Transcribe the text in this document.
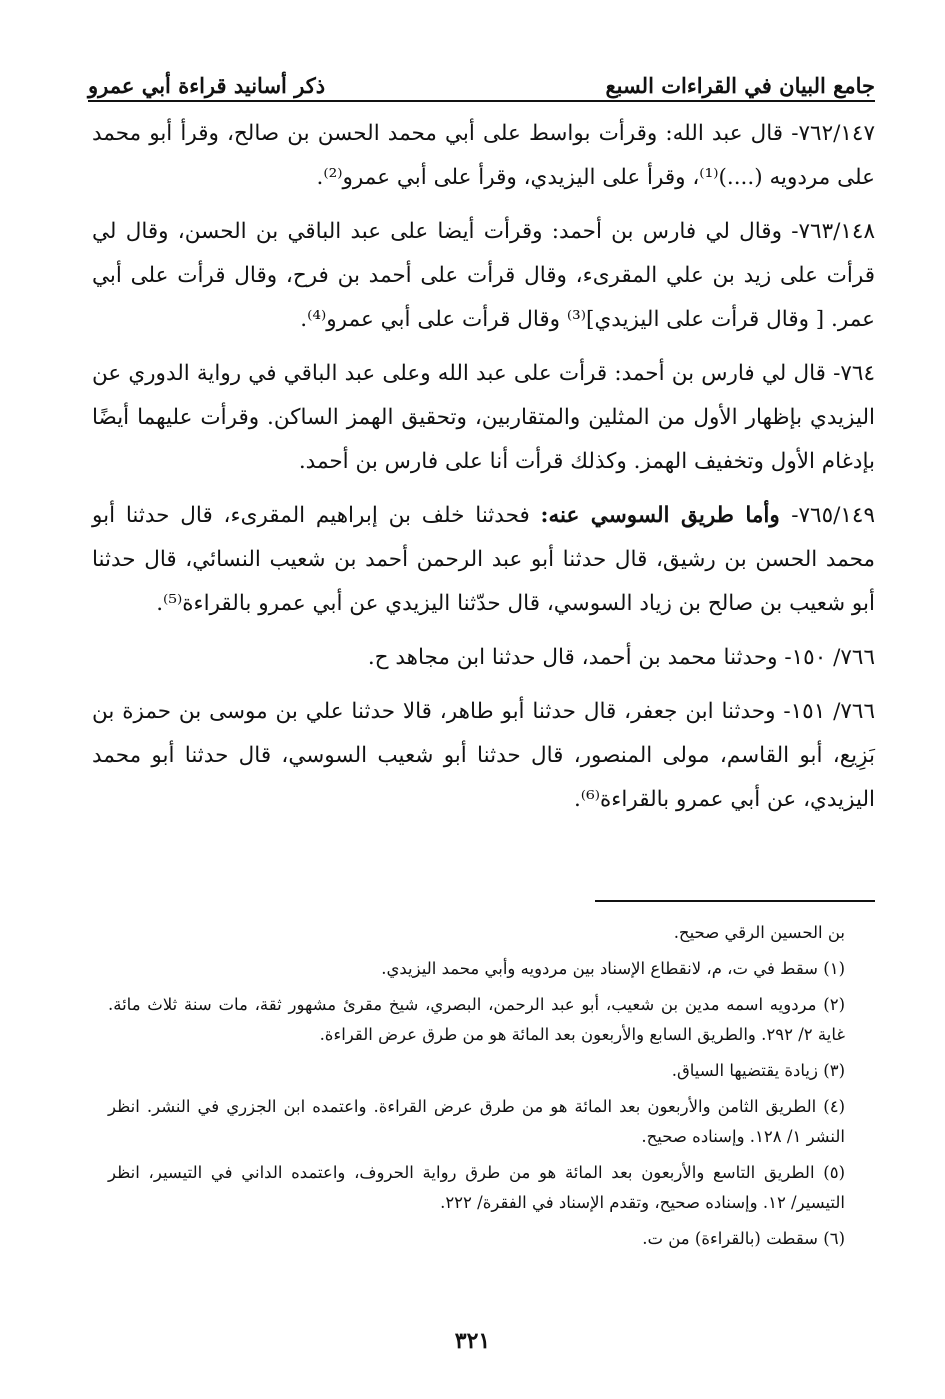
جامع البيان في القراءات السبع
ذكر أسانيد قراءة أبي عمرو

٧٦٢/١٤٧- قال عبد الله: وقرأت بواسط على أبي محمد الحسن بن صالح، وقرأ أبو محمد على مردويه (....)⁽¹⁾، وقرأ على اليزيدي، وقرأ على أبي عمرو⁽²⁾.

٧٦٣/١٤٨- وقال لي فارس بن أحمد: وقرأت أيضا على عبد الباقي بن الحسن، وقال لي قرأت على زيد بن علي المقرىء، وقال قرأت على أحمد بن فرح، وقال قرأت على أبي عمر. [ وقال قرأت على اليزيدي]⁽³⁾ وقال قرأت على أبي عمرو⁽⁴⁾.

٧٦٤- قال لي فارس بن أحمد: قرأت على عبد الله وعلى عبد الباقي في رواية الدوري عن اليزيدي بإظهار الأول من المثلين والمتقاربين، وتحقيق الهمز الساكن. وقرأت عليهما أيضًا بإدغام الأول وتخفيف الهمز. وكذلك قرأت أنا على فارس بن أحمد.

٧٦٥/١٤٩- وأما طريق السوسي عنه: فحدثنا خلف بن إبراهيم المقرىء، قال حدثنا أبو محمد الحسن بن رشيق، قال حدثنا أبو عبد الرحمن أحمد بن شعيب النسائي، قال حدثنا أبو شعيب بن صالح بن زياد السوسي، قال حدّثنا اليزيدي عن أبي عمرو بالقراءة⁽⁵⁾.

٧٦٦/ ١٥٠- وحدثنا محمد بن أحمد، قال حدثنا ابن مجاهد ح.

٧٦٦/ ١٥١- وحدثنا ابن جعفر، قال حدثنا أبو طاهر، قالا حدثنا علي بن موسى بن حمزة بن بَزِيع، أبو القاسم، مولى المنصور، قال حدثنا أبو شعيب السوسي، قال حدثنا أبو محمد اليزيدي، عن أبي عمرو بالقراءة⁽⁶⁾.

بن الحسين الرقي صحيح.

(١) سقط في ت، م، لانقطاع الإسناد بين مردويه وأبي محمد اليزيدي.

(٢) مردويه اسمه مدين بن شعيب، أبو عبد الرحمن، البصري، شيخ مقرئ مشهور ثقة، مات سنة ثلاث مائة. غاية ٢/ ٢٩٢. والطريق السابع والأربعون بعد المائة هو من طرق عرض القراءة.

(٣) زيادة يقتضيها السياق.

(٤) الطريق الثامن والأربعون بعد المائة هو من طرق عرض القراءة. واعتمده ابن الجزري في النشر. انظر النشر ١/ ١٢٨. وإسناده صحيح.

(٥) الطريق التاسع والأربعون بعد المائة هو من طرق رواية الحروف، واعتمده الداني في التيسير، انظر التيسير/ ١٢. وإسناده صحيح، وتقدم الإسناد في الفقرة/ ٢٢٢.

(٦) سقطت (بالقراءة) من ت.

٣٢١
